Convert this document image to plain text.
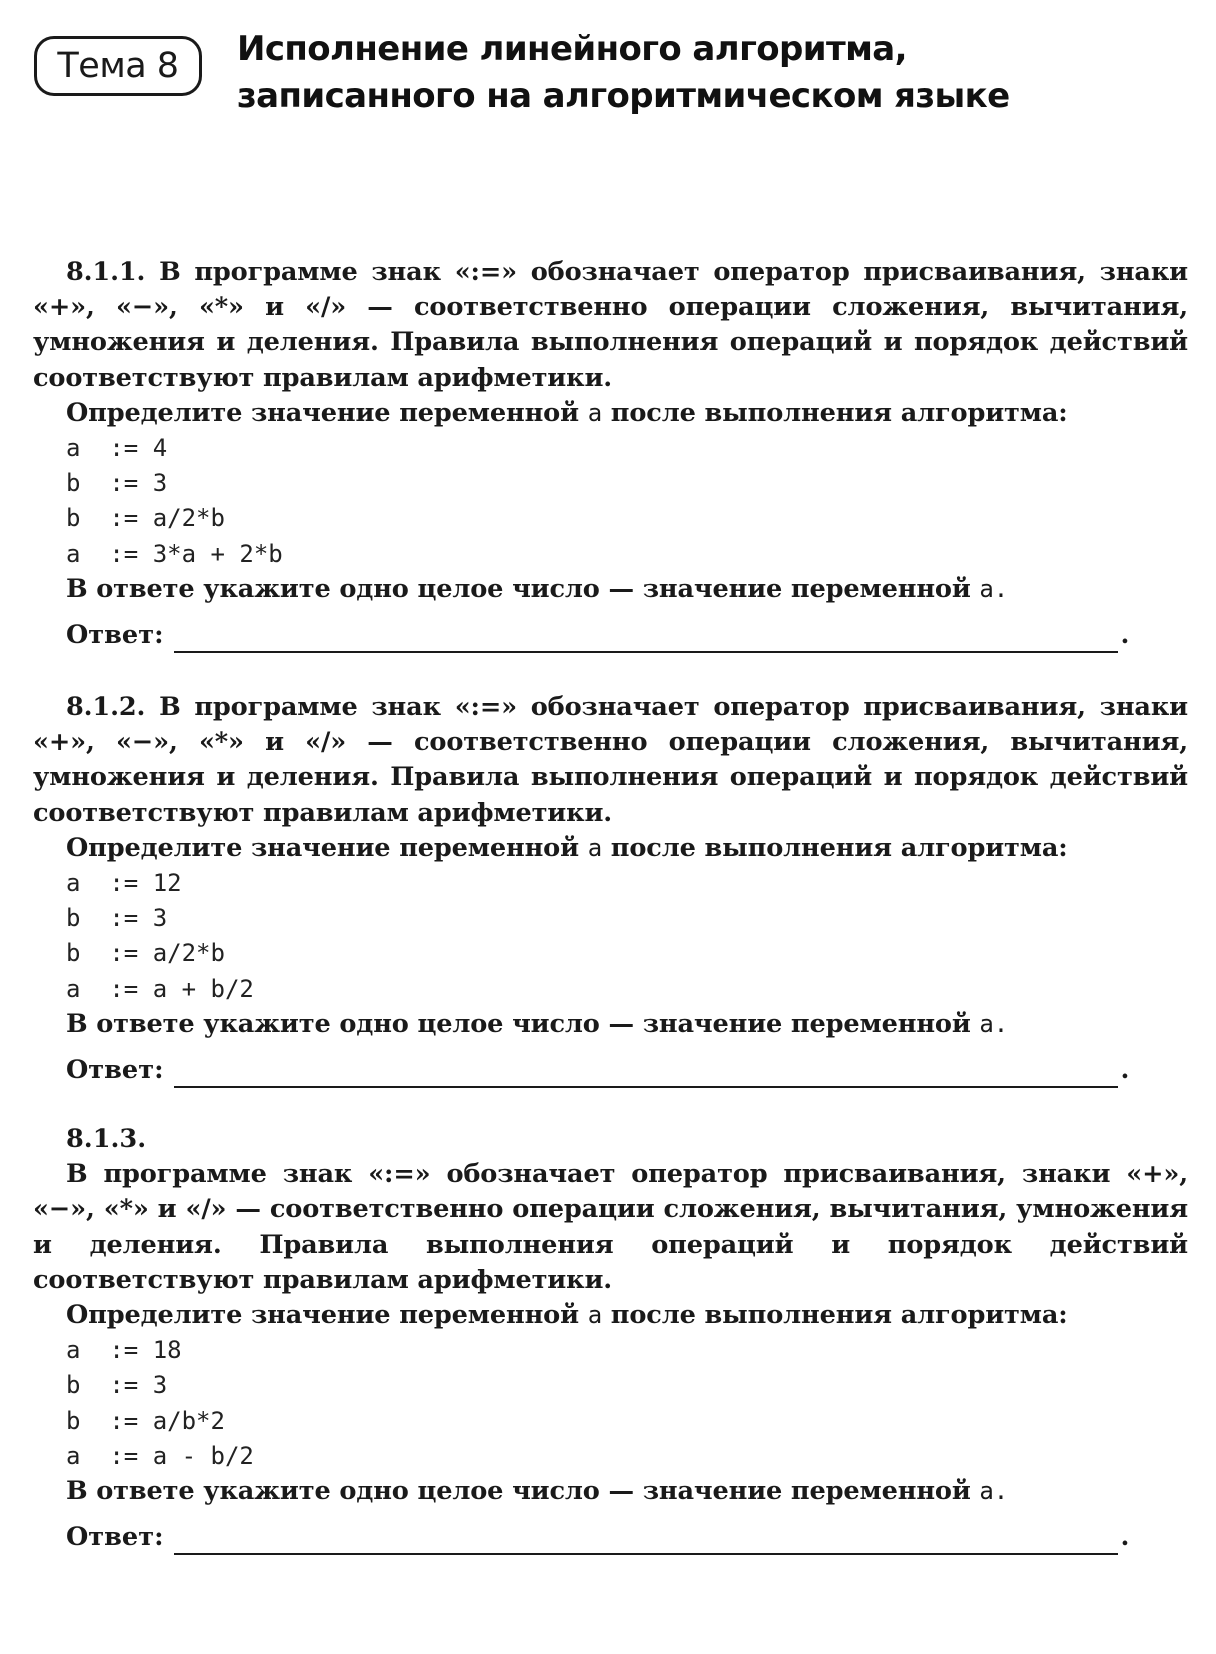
Тема 8 Исполнение линейного алгоритма,
записанного на алгоритмическом языке

8.1.1. В программе знак «:=» обозначает оператор присваивания, знаки «+», «−», «*» и «/» — соответственно операции сложения, вычитания, умножения и деления. Правила выполнения операций и порядок действий соответствуют правилам арифметики.

Определите значение переменной a после выполнения алгоритма:
a  := 4
b  := 3
b  := a/2*b
a  := 3*a + 2*b
В ответе укажите одно целое число — значение переменной a.
Ответ:	.

8.1.2. В программе знак «:=» обозначает оператор присваивания, знаки «+», «−», «*» и «/» — соответственно операции сложения, вычитания, умножения и деления. Правила выполнения операций и порядок действий соответствуют правилам арифметики.

Определите значение переменной a после выполнения алгоритма:
a  := 12
b  := 3
b  := a/2*b
a  := a + b/2
В ответе укажите одно целое число — значение переменной a.
Ответ:	.
8.1.3.

В программе знак «:=» обозначает оператор присваивания, знаки «+», «−», «*» и «/» — соответственно операции сложения, вычитания, умножения и деления. Правила выполнения операций и порядок действий соответствуют правилам арифметики.

Определите значение переменной a после выполнения алгоритма:
a  := 18
b  := 3
b  := a/b*2
a  := a - b/2
В ответе укажите одно целое число — значение переменной a.
Ответ:	.
